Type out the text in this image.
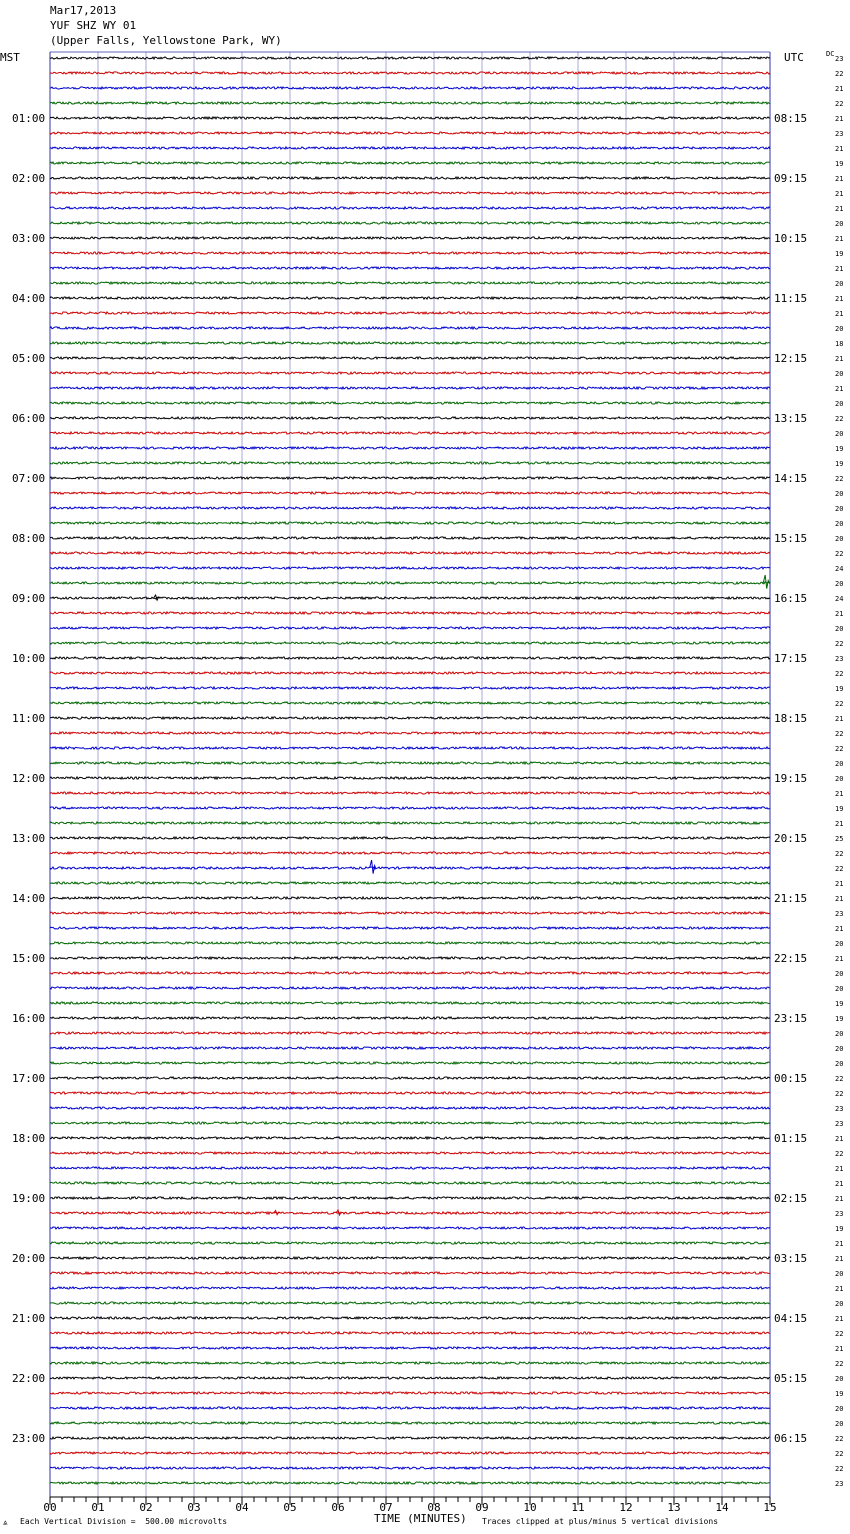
Mar17,2013
YUF SHZ WY 01
(Upper Falls, Yellowstone Park, WY)
01:00
02:00
03:00
04:00
05:00
06:00
07:00
08:00
09:00
10:00
11:00
12:00
13:00
14:00
15:00
16:00
17:00
18:00
19:00
20:00
21:00
22:00
23:00
08:15
09:15
10:15
11:15
12:15
13:15
14:15
15:15
16:15
17:15
18:15
19:15
20:15
21:15
22:15
23:15
00:15
01:15
02:15
03:15
04:15
05:15
06:15
23
22
21
22
21
23
21
19
21
21
21
20
21
19
21
20
21
21
20
18
21
20
21
20
22
20
19
19
22
20
20
20
20
22
24
20
24
21
20
22
23
22
19
22
21
22
22
20
20
21
19
21
25
22
22
21
21
23
21
20
21
20
20
19
19
20
20
20
22
22
23
23
21
22
21
21
21
23
19
21
21
20
21
20
21
22
21
22
20
19
20
20
22
22
22
23
00	01	02	03	04	05	06	07	08	09	10	11	12	13	14	15
MST	UTC	DC
⩓ Each Vertical Division =  500.00 microvolts	TIME (MINUTES) Traces clipped at plus/minus 5 vertical divisions
